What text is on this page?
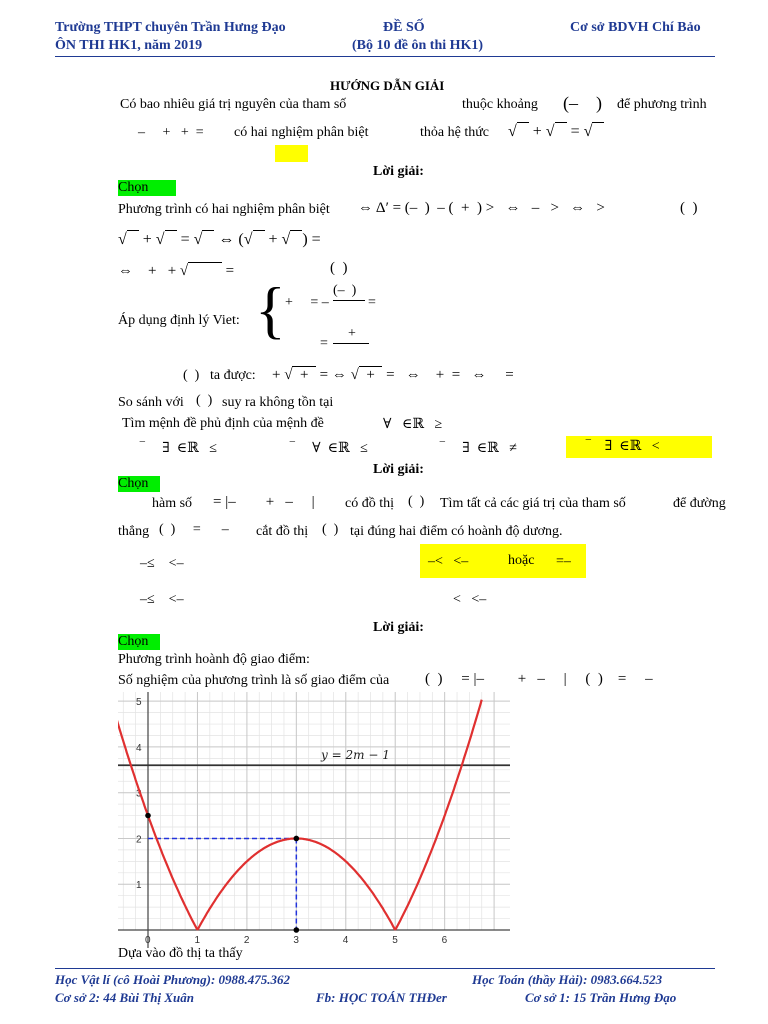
Trường THPT chuyên Trần Hưng Đạo
ÔN THI HK1, năm 2019
ĐỀ SỐ
(Bộ 10 đề ôn thi HK1)
Cơ sở BDVH Chí Bảo
HƯỚNG DẪN GIẢI
Có bao nhiêu giá trị nguyên của tham số	thuộc khoảng (–    ) để phương trình
–     +   +  = có hai nghiệm phân biệt	thỏa hệ thức √    + √    = √
Lời giải:
Chọn
Phương trình có hai nghiệm phân biệt ⇔ Δ′ = (–  )  – (  +  ) >   ⇔   –   >   ⇔   >	(  )
√    + √    = √    ⇔ (√    + √ ) =
⇔    +   + √          =	(  )
{ +     = –
(–  )
=
=
+
Áp dụng định lý Viet:
(  ) ta được: + √  +   = ⇔ √  +   =   ⇔    +  =   ⇔     =
So sánh với (  ) suy ra không tồn tại
Tìm mệnh đề phủ định của mệnh đề	∀   ∈ℝ   ≥
‾     ∃  ∈ℝ   ≤	‾     ∀  ∈ℝ   ≤	‾     ∃  ∈ℝ   ≠	‾    ∃  ∈ℝ   <
Lời giải:
Chọn
hàm số = |–        +   –     | có đồ thị (  ) Tìm tất cả các giá trị của tham số	để đường
thẳng (  )     =      – cắt đồ thị (  ) tại đúng hai điểm có hoành độ dương.
–≤    <–	–<   <–	hoặc =–
–≤    <–	<   <–
Lời giải:
Chọn
Phương trình hoành độ giao điểm:
Số nghiệm của phương trình là số giao điểm của (  )     = |–         +   –     |     (  )    =     –
0	1	2	3	4	5	6
1
2
3
4
5
y = 2m − 1
Dựa vào đồ thị ta thấy
Học Vật lí (cô Hoài Phương): 0988.475.362	Học Toán (thầy Hải): 0983.664.523
Cơ sở 2: 44 Bùi Thị Xuân	Fb: HỌC TOÁN THĐer	Cơ sở 1: 15 Trần Hưng Đạo
